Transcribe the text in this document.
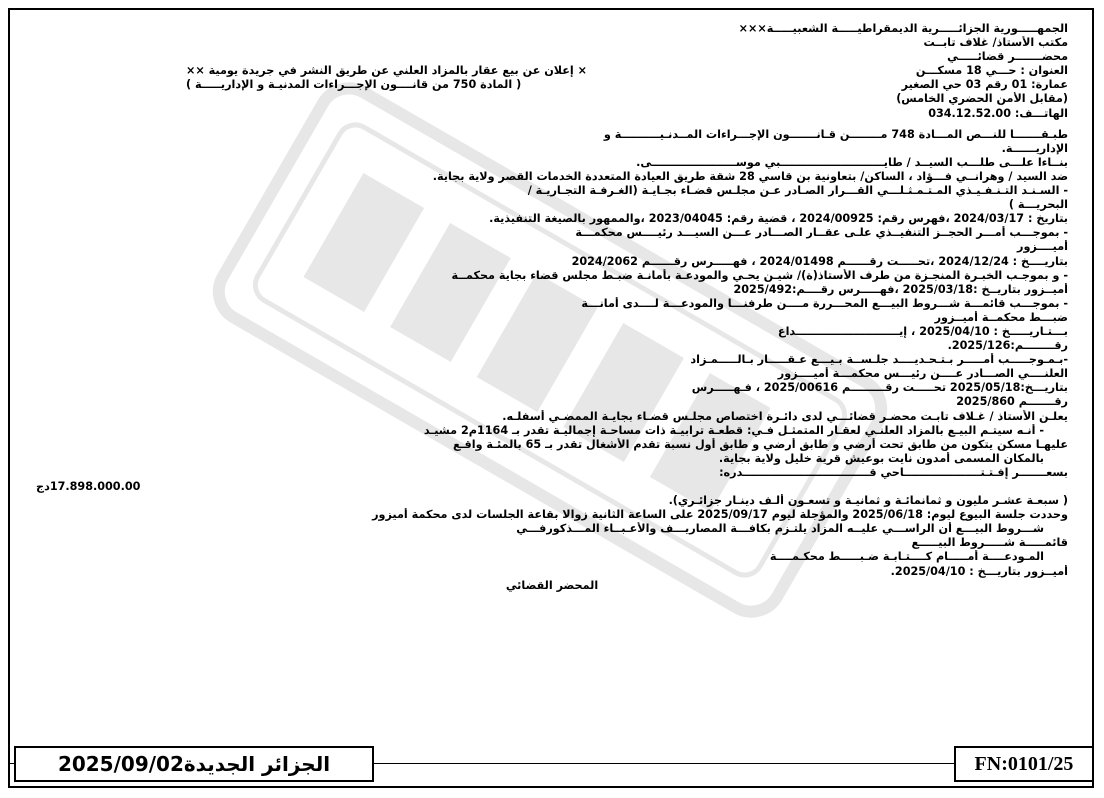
الجمهـــــورية الجزائـــــرية الديمقراطيـــــة الشعبيـــــة×××
مكتب الأستاذ/ غلاف تابــت
محضـــــــر قضائـــــي
العنوان : حـــي 18 مسكـــن
× إعلان عن بيع عقار بالمزاد العلني عن طريق النشر في جريدة يومية ××
عمارة: 01 رقم 03 حي الصغير
( المادة 750 من قانــــون الإجـــراءات المدنيـة و الإداريـــــة )
(مقابل الأمن الحضري الخامس)
الهاتـــف: 034.12.52.00
طبـقـــــــا للنـــص المـــادة 748 مــــــــن قـانـــــــون الإجـــراءات المــدنـيــــــــــة و
الإداريــــــة.
بنــاءا علـــى طلـــب السيــد / طايـــــــــــــــــــــــــــبي موســــــــــــــــــــــى.
ضد السيد / وهرانــي فـــؤاد ، الساكن/ بتعاونية بن قاسي 28 شقة طريق العيادة المتعددة الخدمات القصر ولاية بجاية.
- السـنـد التـنـفـيـذي المـتـمـثـلـــي القـــرار الصـادر عـن مجلـس قضـاء بجـايـة (الغـرفـة التجـاريـة /
البحريـــة )
بتاريخ : 2024/03/17 ،فهرس رقم: 2024/00925 ، قضية رقم: 2023/04045 ،والممهور بالصيغة التنفيذية.
- بموجـــب أمـــر الحجــز التنفيــذي علـى عقــار الصـــادر عـــن السيـــد رئيــــس محكمـــة
أميــــزور
بتاريــــخ : 2024/12/24 ،تحـــــت رقــــــم 2024/01498 ، فهـــــرس رقــــــم 2024/2062
- و بموجـب الخبـرة المنجـزة من طرف الأستاذ(ة)/ شيـن يحـي والمودعـة بأمانـة ضبـط مجلس قضاء بجاية محكمــة
أميــزور بتاريــخ :2025/03/18 ،فهـــــرس رقــــم:2025/492
- بموجـــب قائمـــة شـــروط البيـــع المحـــررة مــــن طرفنـــا والمودعـــة لــــدى أمانـــة
ضبـــط محكمــة أميــزور
بـــتـاريـــــخ : 2025/04/10 ، إيـــــــــــــــــــــــــــداع
رقــــــــم:2025/126.
-بـمـوجـــــب أمـــــر بـتـحـديــــد جلـســة بـيـــع عـقـــــار بـالـــــمـزاد
العلنــــي الصـــادر عــــن رئيـــس محكمـــة أميــــزور
بتاريـــخ:2025/05/18 تحـــــت رقـــــــــم 2025/00616 ، فـهـــــرس
رقـــــــم 2025/860
يعلـن الأستاذ / غـلاف تابـت محضـر قضائـــي لدى دائـرة اختصاص مجلـس قضـاء بجايـة الممضـي أسفلـه.
- أنـه سيتـم البيـع بالمزاد العلنـي لعقـار المتمثـل فـي: قطعـة ترابيـة ذات مساحـة إجماليـة تقدر بـ 1164م2 مشيـد
عليهـا مسكن يتكون من طابق تحت أرضي و طابق أرضي و طابق أول نسبة تقدم الأشغال تقدر بـ 65 بالمئـة واقـع
بالمكان المسمى أمدون نايت بوعيش قرية خليل ولاية بجاية.
بسعـــــــر إفـتـتــــــــــــــــــــاحي قـــــــــــــــــــــــــــــــــدره:
17.898.000.00دج
( سبعـة عشـر مليون و ثمانمائـة و ثمانيـة و تسعـون ألـف دينـار جزائـري).
وحددت جلسة البيوع ليوم: 2025/06/18 والمؤجلة ليوم 2025/09/17 على الساعة الثانية زوالا بقاعة الجلسات لدى محكمة أميزور
شـــروط البيـــع أن الراســـي عليــه المزاد يلتـزم بكافـــة المصاريـــف والأعـبــاء المـــذكورفـــي
قائمـــــة شـــــروط البيـــــع
المـودعــــة أمـــــام كــــتـابـة ضـبـــــط محكـمــــة
أميــزور بتاريـــخ : 2025/04/10.
المحضر القضائي
FN:0101/25
الجزائر الجديدة2025/09/02
